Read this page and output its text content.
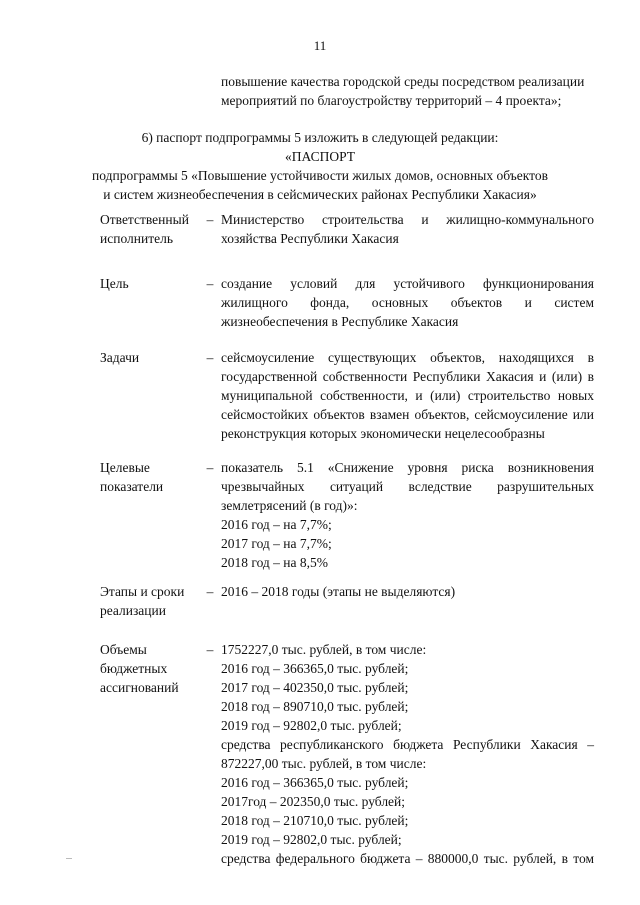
11
повышение качества городской среды посредством реализации
мероприятий по благоустройству территорий – 4 проекта»;
6) паспорт подпрограммы 5 изложить в следующей редакции:
«ПАСПОРТ
подпрограммы 5 «Повышение устойчивости жилых домов, основных объектов
и систем жизнеобеспечения в сейсмических районах Республики Хакасия»
Ответственный
исполнитель
– Министерство строительства и жилищно-коммунального
хозяйства Республики Хакасия
Цель	– создание условий для устойчивого функционирования
жилищного фонда, основных объектов и систем
жизнеобеспечения в Республике Хакасия
Задачи	– сейсмоусиление существующих объектов, находящихся в
государственной собственности Республики Хакасия и (или) в
муниципальной собственности, и (или) строительство новых
сейсмостойких объектов взамен объектов, сейсмоусиление или
реконструкция которых экономически нецелесообразны
Целевые
показатели
– показатель 5.1 «Снижение уровня риска возникновения
чрезвычайных ситуаций вследствие разрушительных
землетрясений (в год)»:
2016 год – на 7,7%;
2017 год – на 7,7%;
2018 год – на 8,5%
Этапы и сроки
реализации
– 2016 – 2018 годы (этапы не выделяются)
Объемы
бюджетных
ассигнований
– 1752227,0 тыс. рублей, в том числе:
2016 год – 366365,0 тыс. рублей;
2017 год – 402350,0 тыс. рублей;
2018 год – 890710,0 тыс. рублей;
2019 год – 92802,0 тыс. рублей;
средства республиканского бюджета Республики Хакасия –
872227,00 тыс. рублей, в том числе:
2016 год – 366365,0 тыс. рублей;
2017год – 202350,0 тыс. рублей;
2018 год – 210710,0 тыс. рублей;
2019 год – 92802,0 тыс. рублей;
средства федерального бюджета – 880000,0 тыс. рублей, в том
